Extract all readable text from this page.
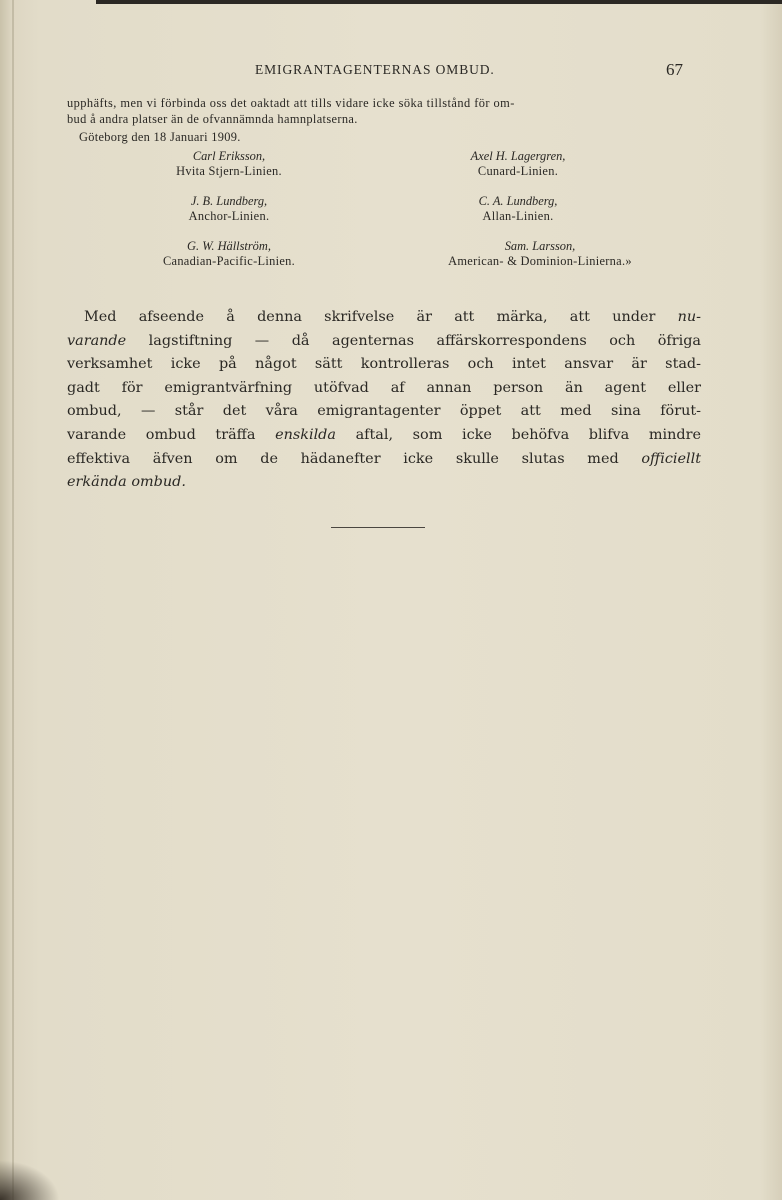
EMIGRANTAGENTERNAS OMBUD.	67
upphäfts, men vi förbinda oss det oaktadt att tills vidare icke söka tillstånd för om-
bud å andra platser än de ofvannämnda hamnplatserna.
Göteborg den 18 Januari 1909.
Carl Eriksson,
Hvita Stjern-Linien.
Axel H. Lagergren,
Cunard-Linien.
J. B. Lundberg,
Anchor-Linien.
C. A. Lundberg,
Allan-Linien.
G. W. Hällström,
Canadian-Pacific-Linien.
Sam. Larsson,
American- & Dominion-Linierna.»
Med afseende å denna skrifvelse är att märka, att under nu-
varande lagstiftning — då agenternas affärskorrespondens och öfriga
verksamhet icke på något sätt kontrolleras och intet ansvar är stad-
gadt för emigrantvärfning utöfvad af annan person än agent eller
ombud, — står det våra emigrantagenter öppet att med sina förut-
varande ombud träffa enskilda aftal, som icke behöfva blifva mindre
effektiva äfven om de hädanefter icke skulle slutas med officiellt
erkända ombud.
